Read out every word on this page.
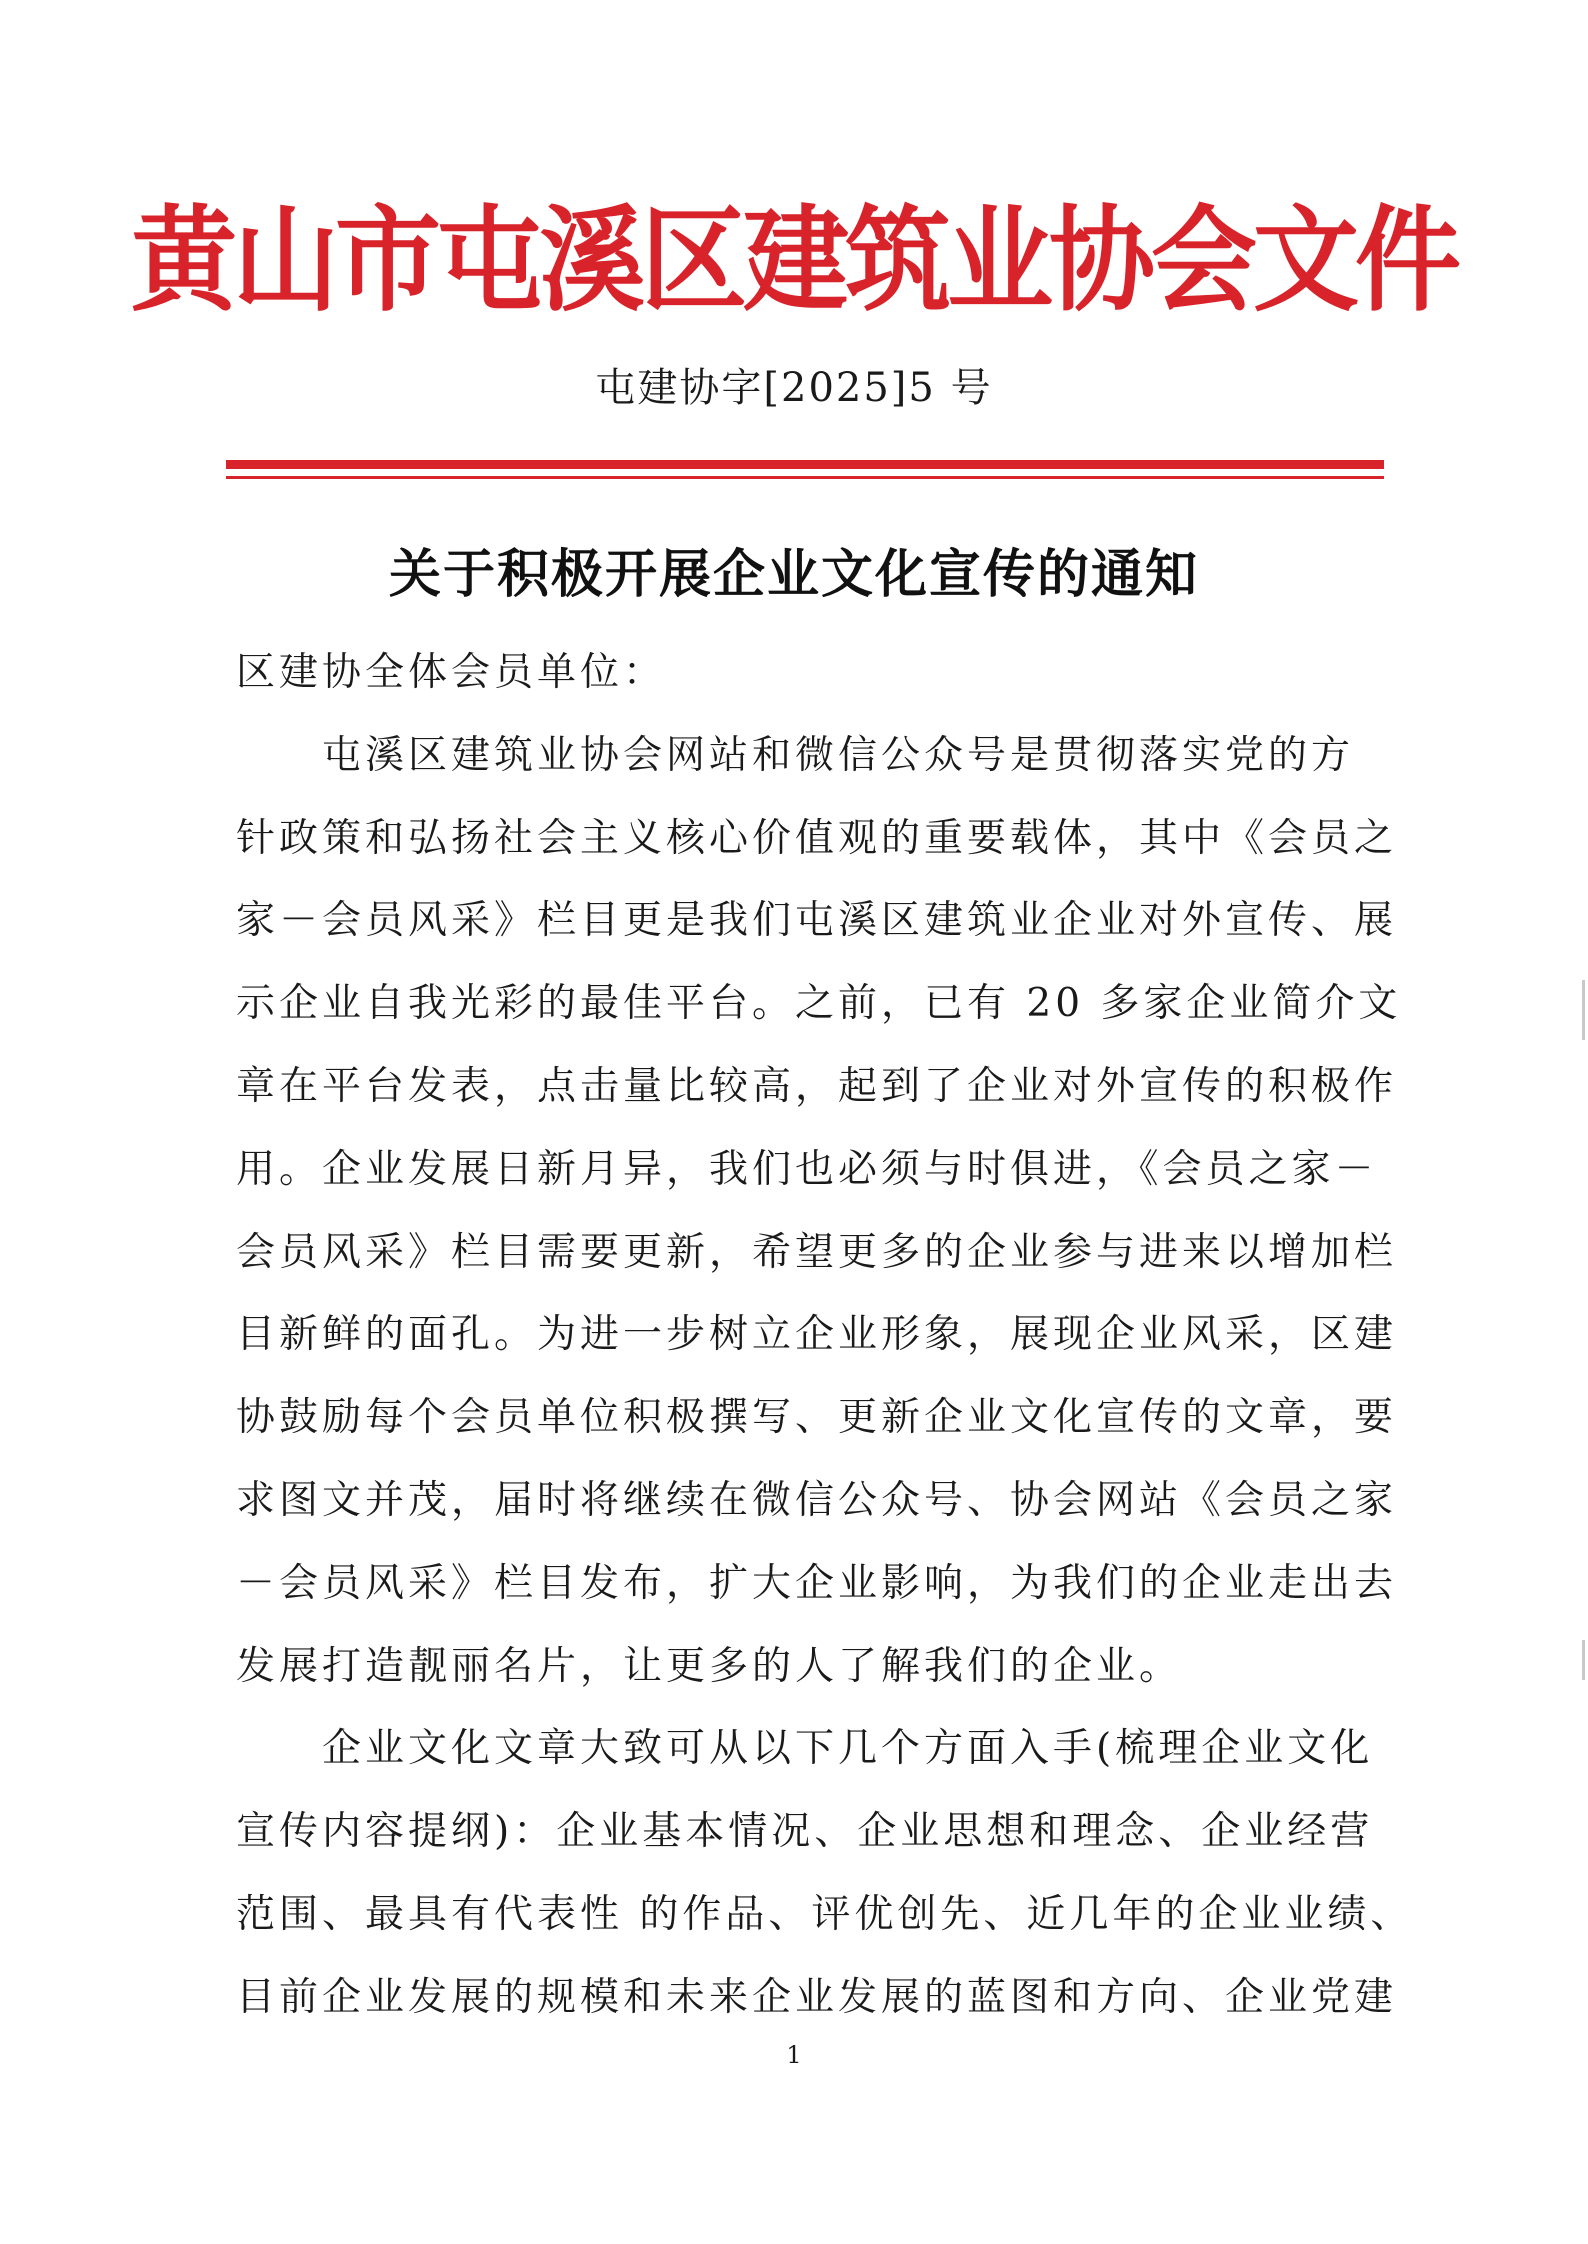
黄山市屯溪区建筑业协会文件
屯建协字[2025]5 号
关于积极开展企业文化宣传的通知
区建协全体会员单位：
屯溪区建筑业协会网站和微信公众号是贯彻落实党的方
针政策和弘扬社会主义核心价值观的重要载体，其中《会员之
家－会员风采》栏目更是我们屯溪区建筑业企业对外宣传、展
示企业自我光彩的最佳平台。之前，已有 20 多家企业简介文
章在平台发表，点击量比较高，起到了企业对外宣传的积极作
用。企业发展日新月异，我们也必须与时俱进，《会员之家－
会员风采》栏目需要更新，希望更多的企业参与进来以增加栏
目新鲜的面孔。为进一步树立企业形象，展现企业风采，区建
协鼓励每个会员单位积极撰写、更新企业文化宣传的文章，要
求图文并茂，届时将继续在微信公众号、协会网站《会员之家
－会员风采》栏目发布，扩大企业影响，为我们的企业走出去
发展打造靓丽名片，让更多的人了解我们的企业。
企业文化文章大致可从以下几个方面入手(梳理企业文化
宣传内容提纲)：企业基本情况、企业思想和理念、企业经营
范围、最具有代表性 的作品、评优创先、近几年的企业业绩、
目前企业发展的规模和未来企业发展的蓝图和方向、企业党建
1
